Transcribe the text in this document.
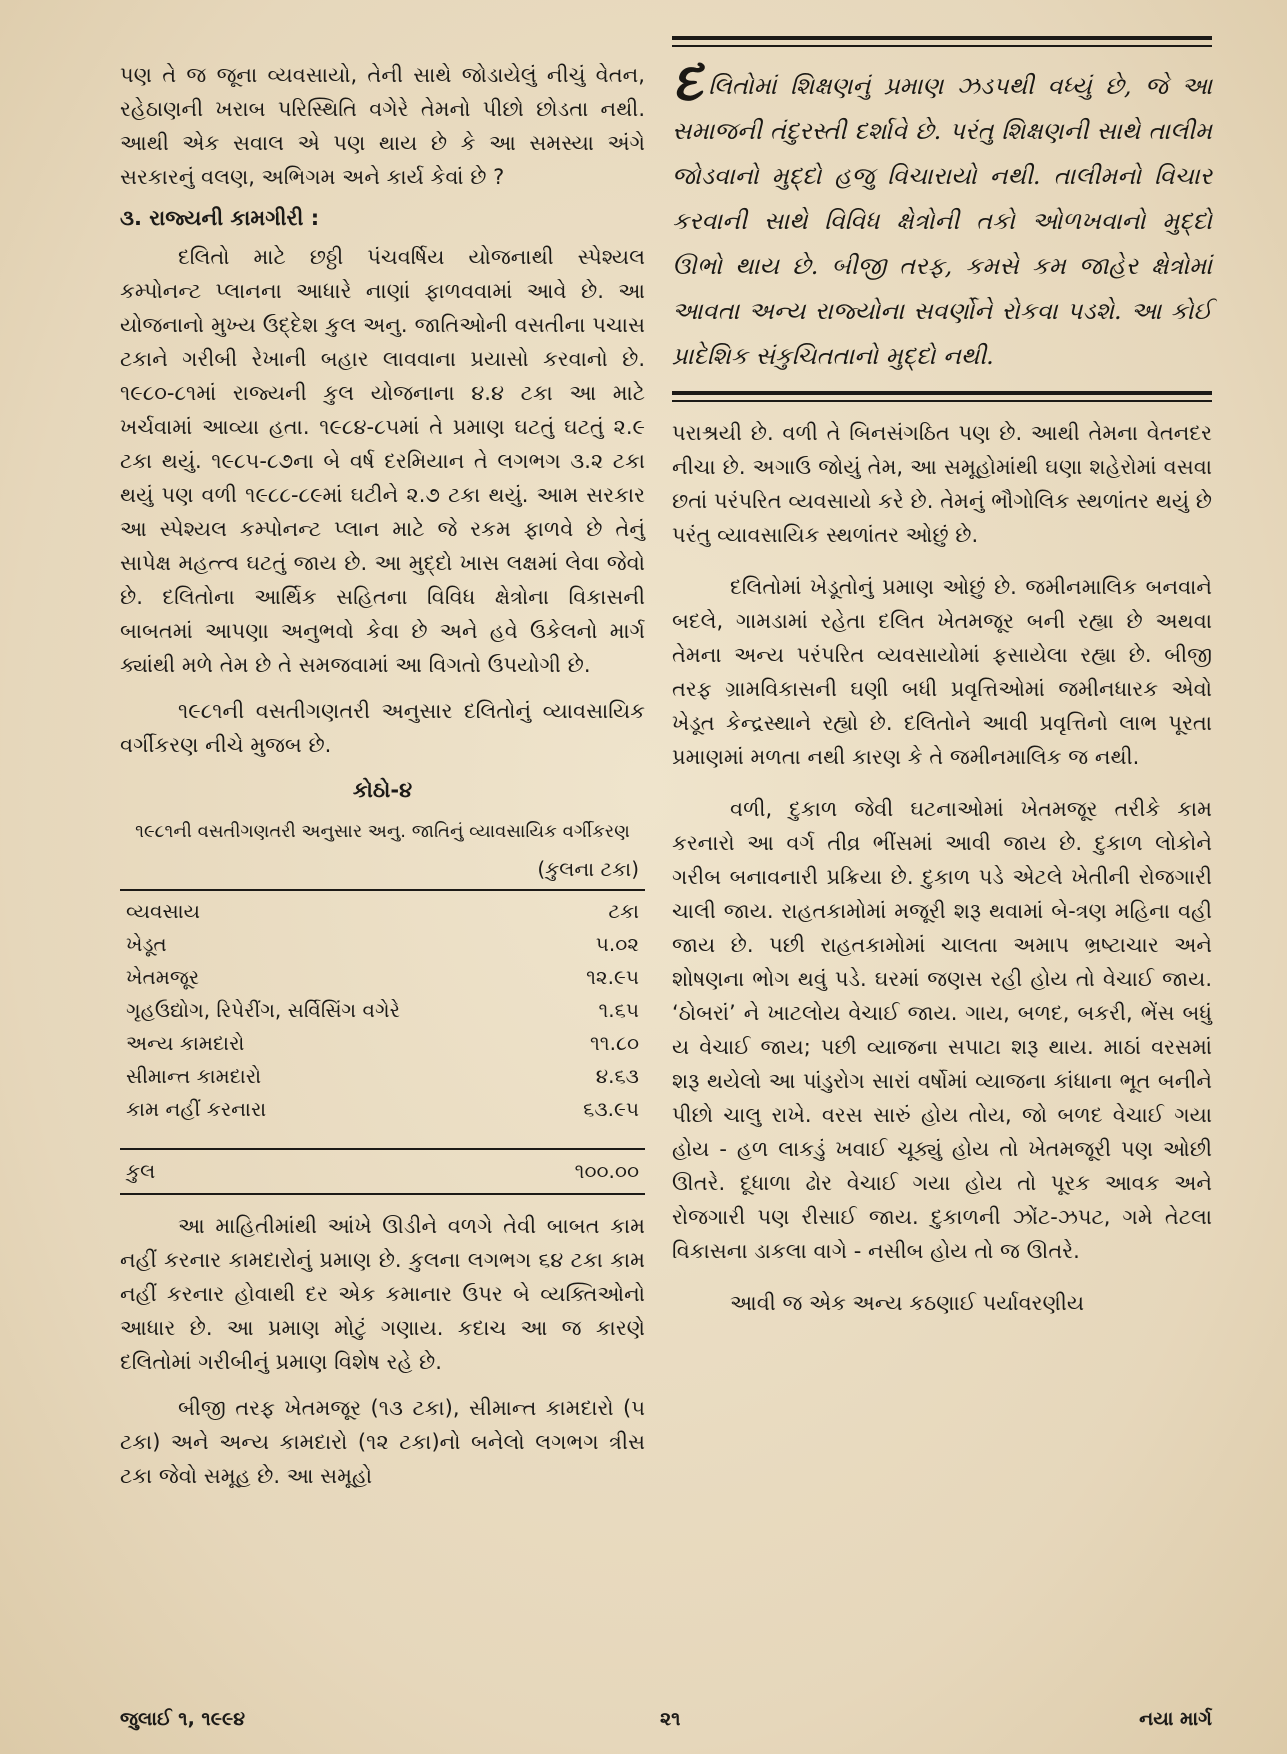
પણ તે જ જૂના વ્યવસાયો, તેની સાથે જોડાયેલું નીચું વેતન, રહેઠાણની ખરાબ પરિસ્થિતિ વગેરે તેમનો પીછો છોડતા નથી. આથી એક સવાલ એ પણ થાય છે કે આ સમસ્યા અંગે સરકારનું વલણ, અભિગમ અને કાર્ય કેવાં છે ?

૩. રાજ્યની કામગીરી :

દલિતો માટે છઠ્ઠી પંચવર્ષિય યોજનાથી સ્પેશ્યલ કમ્પોનન્ટ પ્લાનના આધારે નાણાં ફાળવવામાં આવે છે. આ યોજનાનો મુખ્ય ઉદ્દેશ કુલ અનુ. જાતિઓની વસતીના પચાસ ટકાને ગરીબી રેખાની બહાર લાવવાના પ્રયાસો કરવાનો છે. ૧૯૮૦-૮૧માં રાજ્યની કુલ યોજનાના ૪.૪ ટકા આ માટે ખર્ચવામાં આવ્યા હતા. ૧૯૮૪-૮૫માં તે પ્રમાણ ઘટતું ઘટતું ૨.૯ ટકા થયું. ૧૯૮૫-૮૭ના બે વર્ષ દરમિયાન તે લગભગ ૩.૨ ટકા થયું પણ વળી ૧૯૮૮-૮૯માં ઘટીને ૨.૭ ટકા થયું. આમ સરકાર આ સ્પેશ્યલ કમ્પોનન્ટ પ્લાન માટે જે રકમ ફાળવે છે તેનું સાપેક્ષ મહત્ત્વ ઘટતું જાય છે. આ મુદ્દો ખાસ લક્ષમાં લેવા જેવો છે. દલિતોના આર્થિક સહિતના વિવિધ ક્ષેત્રોના વિકાસની બાબતમાં આપણા અનુભવો કેવા છે અને હવે ઉકેલનો માર્ગ ક્યાંથી મળે તેમ છે તે સમજવામાં આ વિગતો ઉપયોગી છે.

૧૯૮૧ની વસતીગણતરી અનુસાર દલિતોનું વ્યાવસાયિક વર્ગીકરણ નીચે મુજબ છે.

કોઠો-૪
૧૯૮૧ની વસતીગણતરી અનુસાર અનુ. જાતિનું વ્યાવસાયિક વર્ગીકરણ
(કુલના ટકા)
વ્યવસાય	ટકા
ખેડૂત	૫.૦૨
ખેતમજૂર	૧૨.૯૫
ગૃહઉદ્યોગ, રિપેરીંગ, સર્વિસિંગ વગેરે	૧.૬૫
અન્ય કામદારો	૧૧.૮૦
સીમાન્ત કામદારો	૪.૬૩
કામ નહીં કરનારા	૬૩.૯૫

કુલ	૧૦૦.૦૦

આ માહિતીમાંથી આંખે ઊડીને વળગે તેવી બાબત કામ નહીં કરનાર કામદારોનું પ્રમાણ છે. કુલના લગભગ ૬૪ ટકા કામ નહીં કરનાર હોવાથી દર એક કમાનાર ઉપર બે વ્યક્તિઓનો આધાર છે. આ પ્રમાણ મોટું ગણાય. કદાચ આ જ કારણે દલિતોમાં ગરીબીનું પ્રમાણ વિશેષ રહે છે.

બીજી તરફ ખેતમજૂર (૧૩ ટકા), સીમાન્ત કામદારો (૫ ટકા) અને અન્ય કામદારો (૧૨ ટકા)નો બનેલો લગભગ ત્રીસ ટકા જેવો સમૂહ છે. આ સમૂહો

દલિતોમાં શિક્ષણનું પ્રમાણ ઝડપથી વધ્યું છે, જે આ સમાજની તંદુરસ્તી દર્શાવે છે. પરંતુ શિક્ષણની સાથે તાલીમ જોડવાનો મુદ્દો હજુ વિચારાયો નથી. તાલીમનો વિચાર કરવાની સાથે વિવિધ ક્ષેત્રોની તકો ઓળખવાનો મુદ્દો ઊભો થાય છે. બીજી તરફ, કમસે કમ જાહેર ક્ષેત્રોમાં આવતા અન્ય રાજ્યોના સવર્ણોને રોકવા પડશે. આ કોઈ પ્રાદેશિક સંકુચિતતાનો મુદ્દો નથી.

પરાશ્રયી છે. વળી તે બિનસંગઠિત પણ છે. આથી તેમના વેતનદર નીચા છે. અગાઉ જોયું તેમ, આ સમૂહોમાંથી ઘણા શહેરોમાં વસવા છતાં પરંપરિત વ્યવસાયો કરે છે. તેમનું ભૌગોલિક સ્થળાંતર થયું છે પરંતુ વ્યાવસાયિક સ્થળાંતર ઓછું છે.

દલિતોમાં ખેડૂતોનું પ્રમાણ ઓછું છે. જમીનમાલિક બનવાને બદલે, ગામડામાં રહેતા દલિત ખેતમજૂર બની રહ્યા છે અથવા તેમના અન્ય પરંપરિત વ્યવસાયોમાં ફસાયેલા રહ્યા છે. બીજી તરફ ગ્રામવિકાસની ઘણી બધી પ્રવૃત્તિઓમાં જમીનધારક એવો ખેડૂત કેન્દ્રસ્થાને રહ્યો છે. દલિતોને આવી પ્રવૃત્તિનો લાભ પૂરતા પ્રમાણમાં મળતા નથી કારણ કે તે જમીનમાલિક જ નથી.

વળી, દુકાળ જેવી ઘટનાઓમાં ખેતમજૂર તરીકે કામ કરનારો આ વર્ગ તીવ્ર ભીંસમાં આવી જાય છે. દુકાળ લોકોને ગરીબ બનાવનારી પ્રક્રિયા છે. દુકાળ પડે એટલે ખેતીની રોજગારી ચાલી જાય. રાહતકામોમાં મજૂરી શરૂ થવામાં બે-ત્રણ મહિના વહી જાય છે. પછી રાહતકામોમાં ચાલતા અમાપ ભ્રષ્ટાચાર અને શોષણના ભોગ થવું પડે. ઘરમાં જણસ રહી હોય તો વેચાઈ જાય. ‘ઠોબરાં’ ને ખાટલોય વેચાઈ જાય. ગાય, બળદ, બકરી, ભેંસ બધું ય વેચાઈ જાય; પછી વ્યાજના સપાટા શરૂ થાય. માઠાં વરસમાં શરૂ થયેલો આ પાંડુરોગ સારાં વર્ષોમાં વ્યાજના કાંધાના ભૂત બનીને પીછો ચાલુ રાખે. વરસ સારું હોય તોય, જો બળદ વેચાઈ ગયા હોય - હળ લાકડું ખવાઈ ચૂક્યું હોય તો ખેતમજૂરી પણ ઓછી ઊતરે. દૂધાળા ઢોર વેચાઈ ગયા હોય તો પૂરક આવક અને રોજગારી પણ રીસાઈ જાય. દુકાળની ઝોંટ-ઝપટ, ગમે તેટલા વિકાસના ડાકલા વાગે - નસીબ હોય તો જ ઊતરે.

આવી જ એક અન્ય કઠણાઈ પર્યાવરણીય

જુલાઈ ૧, ૧૯૯૪	૨૧	નયા માર્ગ
